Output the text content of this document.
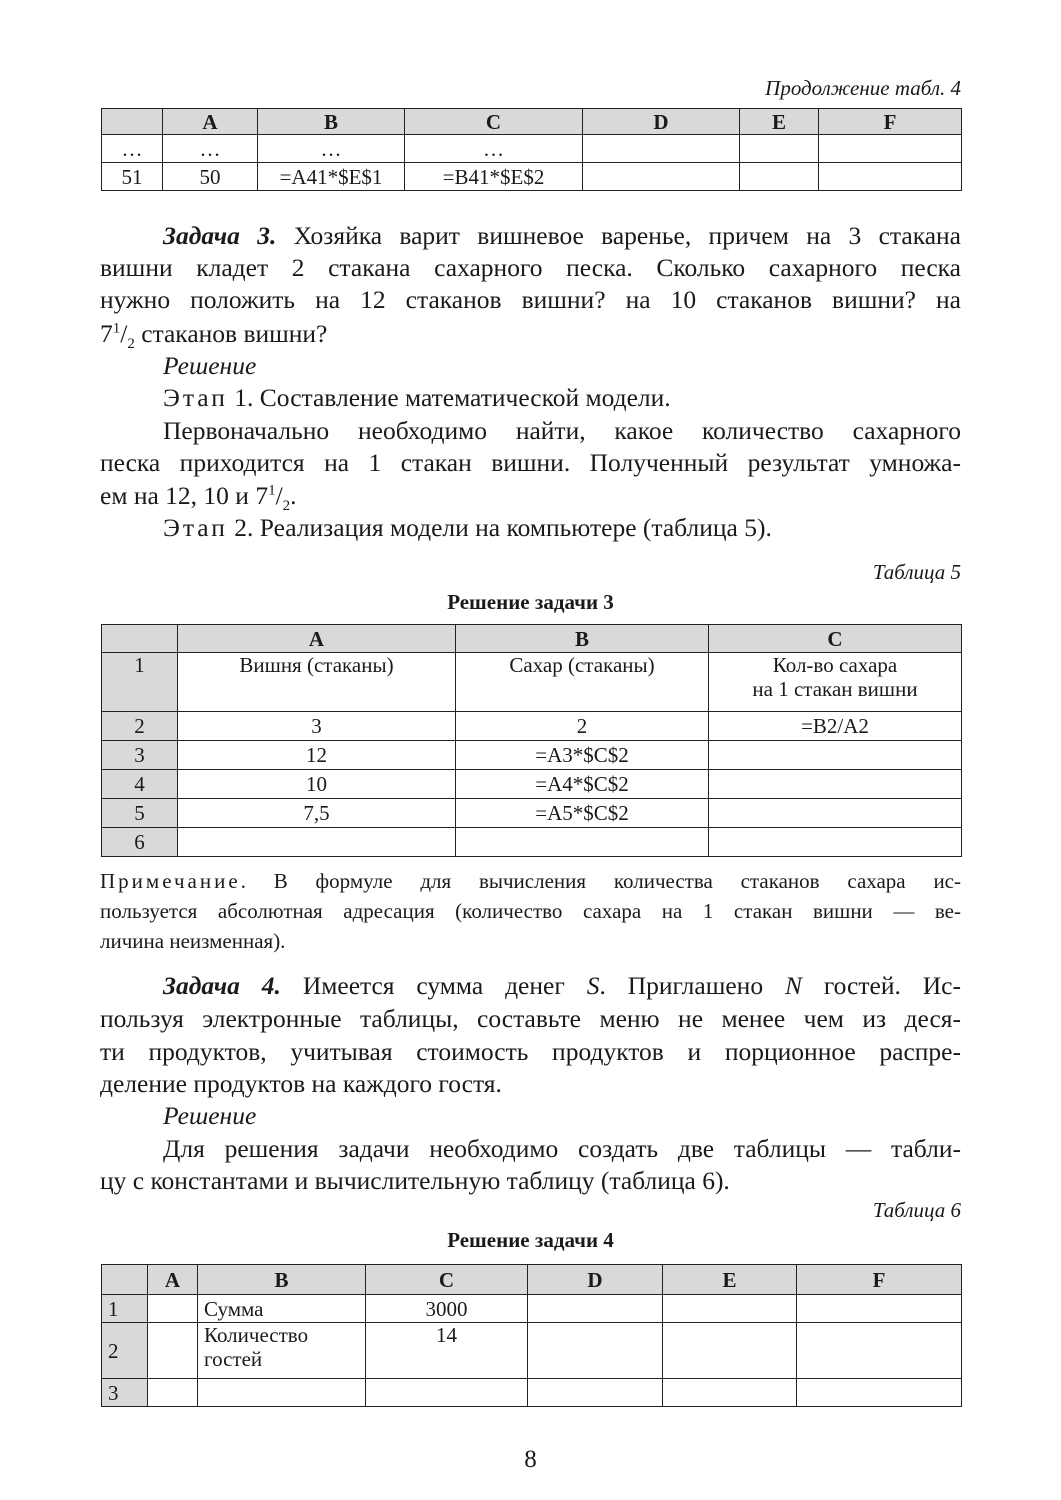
Продолжение табл. 4
	A	B	C	D	E	F
…	…	…	…			
51	50	=A41*$E$1	=B41*$E$2			

Задача 3. Хозяйка варит вишневое варенье, причем на 3 стакана

вишни кладет 2 стакана сахарного песка. Сколько сахарного песка

нужно положить на 12 стаканов вишни? на 10 стаканов вишни? на

$7^1/_2$ стаканов вишни?

Решение

Этап 1. Составление математической модели.

Первоначально необходимо найти, какое количество сахарного

песка приходится на 1 стакан вишни. Полученный результат умножа-

ем на 12, 10 и $7^1/_2$.

Этап 2. Реализация модели на компьютере (таблица 5).

Таблица 5
Решение задачи 3
	A	B	C
1	Вишня (стаканы)	Сахар (стаканы)	Кол-во сахара
на 1 стакан вишни

2	3	2	=B2/A2
3	12	=A3*$C$2	
4	10	=A4*$C$2	
5	7,5	=A5*$C$2	
6			

Примечание. В формуле для вычисления количества стаканов сахара ис-

пользуется абсолютная адресация (количество сахара на 1 стакан вишни — ве-

личина неизменная).

Задача 4. Имеется сумма денег S. Приглашено N гостей. Ис-

пользуя электронные таблицы, составьте меню не менее чем из деся-

ти продуктов, учитывая стоимость продуктов и порционное распре-

деление продуктов на каждого гостя.

Решение

Для решения задачи необходимо создать две таблицы — табли-

цу с константами и вычислительную таблицу (таблица 6).

Таблица 6
Решение задачи 4
	A	B	C	D	E	F
1		Сумма	3000			
2		Количество
гостей	14			
3						
8
